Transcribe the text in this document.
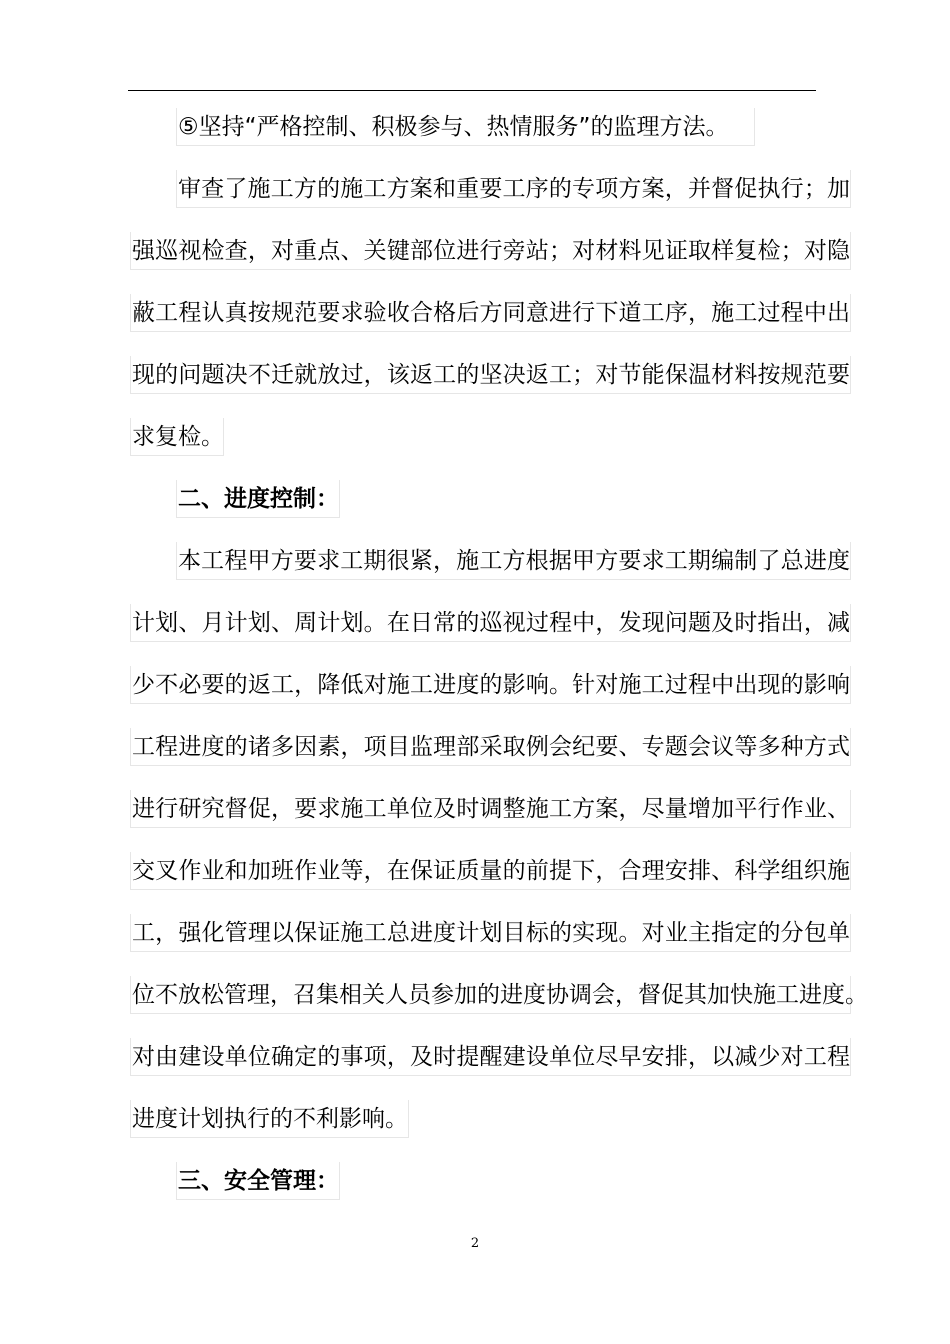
⑤坚持“严格控制、积极参与、热情服务”的监理方法。
审查了施工方的施工方案和重要工序的专项方案，并督促执行；加
强巡视检查，对重点、关键部位进行旁站；对材料见证取样复检；对隐
蔽工程认真按规范要求验收合格后方同意进行下道工序，施工过程中出
现的问题决不迁就放过，该返工的坚决返工；对节能保温材料按规范要
求复检。
二、进度控制：
本工程甲方要求工期很紧，施工方根据甲方要求工期编制了总进度
计划、月计划、周计划。在日常的巡视过程中，发现问题及时指出，减
少不必要的返工，降低对施工进度的影响。针对施工过程中出现的影响
工程进度的诸多因素，项目监理部采取例会纪要、专题会议等多种方式
进行研究督促，要求施工单位及时调整施工方案，尽量增加平行作业、
交叉作业和加班作业等，在保证质量的前提下，合理安排、科学组织施
工，强化管理以保证施工总进度计划目标的实现。对业主指定的分包单
位不放松管理，召集相关人员参加的进度协调会，督促其加快施工进度。
对由建设单位确定的事项，及时提醒建设单位尽早安排，以减少对工程
进度计划执行的不利影响。
三、安全管理：
2
